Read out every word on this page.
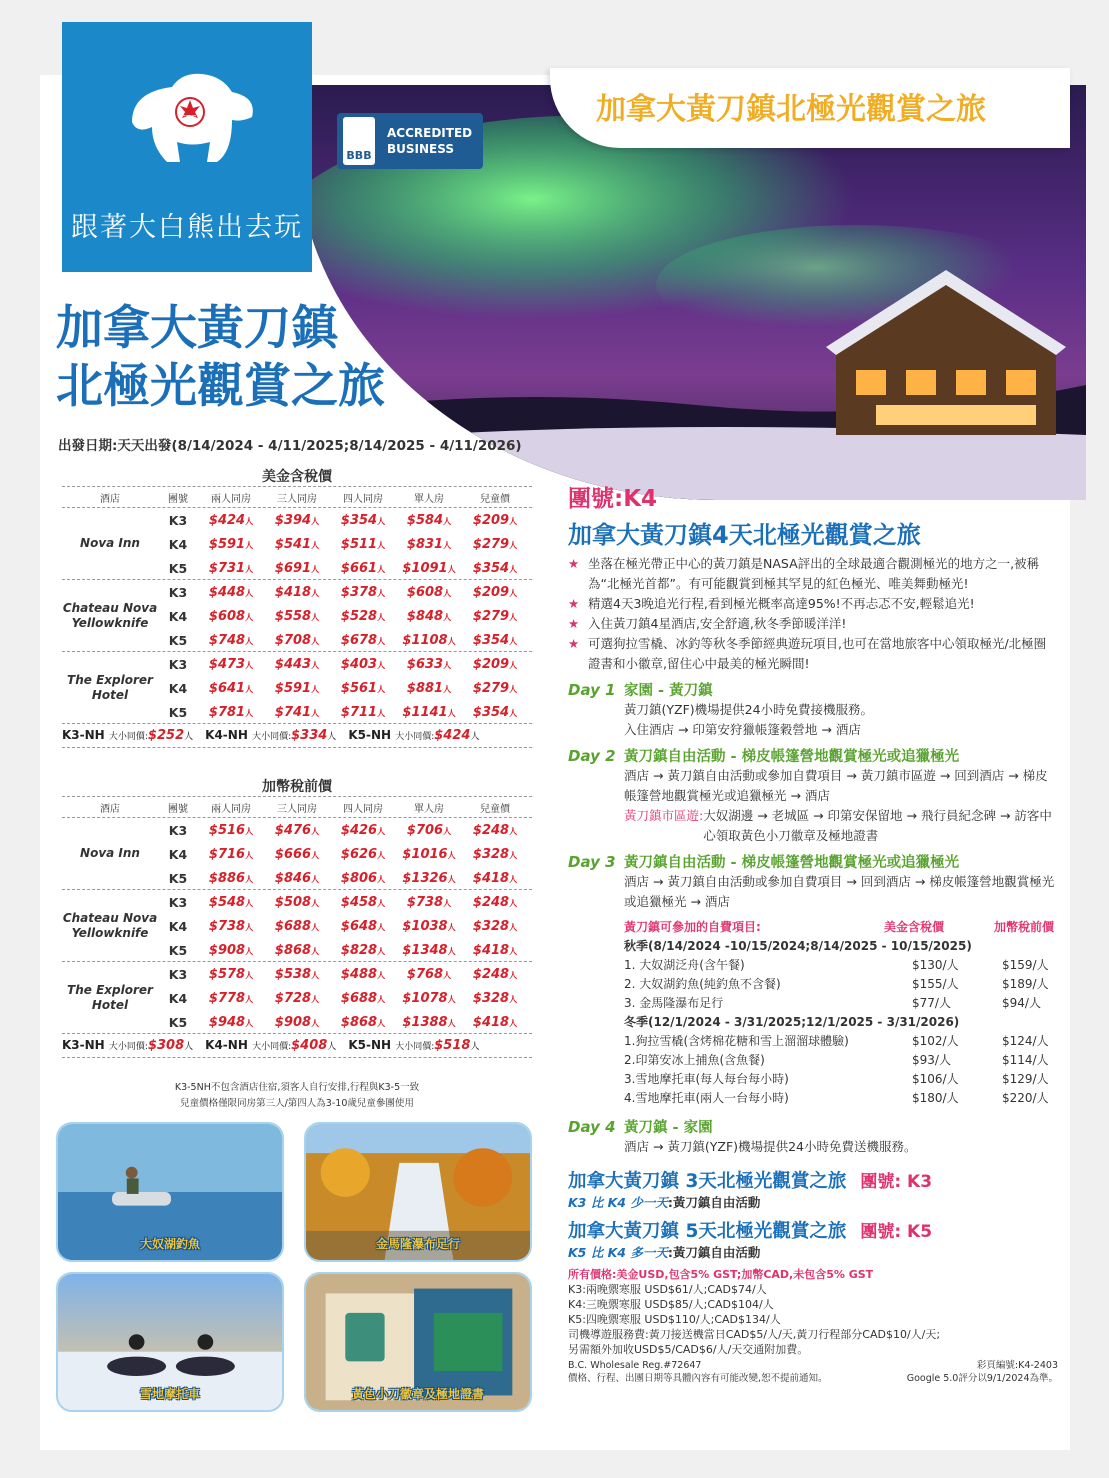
加拿大黃刀鎮北極光觀賞之旅
CTG
跟著大白熊出去玩
BBB
ACCREDITED
BUSINESS
加拿大黃刀鎮
北極光觀賞之旅
出發日期:天天出發(8/14/2024 - 4/11/2025;8/14/2025 - 4/11/2026)
美金含稅價
酒店	團號	兩人同房	三人同房	四人同房	單人房	兒童價
Nova Inn
K3	$424人	$394人	$354人	$584人	$209人
K4	$591人	$541人	$511人	$831人	$279人
K5	$731人	$691人	$661人	$1091人	$354人
Chateau Nova Yellowknife
K3	$448人	$418人	$378人	$608人	$209人
K4	$608人	$558人	$528人	$848人	$279人
K5	$748人	$708人	$678人	$1108人	$354人
The Explorer Hotel
K3	$473人	$443人	$403人	$633人	$209人
K4	$641人	$591人	$561人	$881人	$279人
K5	$781人	$741人	$711人	$1141人	$354人
K3-NH 大小同價:$252人 K4-NH 大小同價:$334人 K5-NH 大小同價:$424人
加幣稅前價
酒店	團號	兩人同房	三人同房	四人同房	單人房	兒童價
Nova Inn
K3	$516人	$476人	$426人	$706人	$248人
K4	$716人	$666人	$626人	$1016人	$328人
K5	$886人	$846人	$806人	$1326人	$418人
Chateau Nova Yellowknife
K3	$548人	$508人	$458人	$738人	$248人
K4	$738人	$688人	$648人	$1038人	$328人
K5	$908人	$868人	$828人	$1348人	$418人
The Explorer Hotel
K3	$578人	$538人	$488人	$768人	$248人
K4	$778人	$728人	$688人	$1078人	$328人
K5	$948人	$908人	$868人	$1388人	$418人
K3-NH 大小同價:$308人 K4-NH 大小同價:$408人 K5-NH 大小同價:$518人
K3-5NH不包含酒店住宿,須客人自行安排,行程與K3-5一致
兒童價格僅限同房第三人/第四人為3-10歲兒童參團使用
大奴湖釣魚	金馬隆瀑布足行
雪地摩托車	黃色小刀徽章及極地證書
團號:K4
加拿大黃刀鎮4天北極光觀賞之旅
★ 坐落在極光帶正中心的黃刀鎮是NASA評出的全球最適合觀測極光的地方之一,被稱為“北極光首都”。有可能觀賞到極其罕見的紅色極光、唯美舞動極光!
★ 精選4天3晚追光行程,看到極光概率高達95%!不再忐忑不安,輕鬆追光!
★ 入住黃刀鎮4星酒店,安全舒適,秋冬季節暖洋洋!
★ 可選狗拉雪橇、冰釣等秋冬季節經典遊玩項目,也可在當地旅客中心領取極光/北極圈證書和小徽章,留住心中最美的極光瞬間!
Day 1 家園 - 黃刀鎮
黃刀鎮(YZF)機場提供24小時免費接機服務。
入住酒店 → 印第安狩獵帳篷穀營地 → 酒店
Day 2 黃刀鎮自由活動 - 梯皮帳篷營地觀賞極光或追獵極光
酒店 → 黃刀鎮自由活動或參加自費項目 → 黃刀鎮市區遊 → 回到酒店 → 梯皮帳篷營地觀賞極光或追獵極光 → 酒店
黃刀鎮市區遊: 大奴湖邊 → 老城區 → 印第安保留地 → 飛行員紀念碑 → 訪客中心領取黃色小刀徽章及極地證書
Day 3 黃刀鎮自由活動 - 梯皮帳篷營地觀賞極光或追獵極光
酒店 → 黃刀鎮自由活動或參加自費項目 → 回到酒店 → 梯皮帳篷營地觀賞極光或追獵極光 → 酒店
黃刀鎮可參加的自費項目:	美金含稅價	加幣稅前價
秋季(8/14/2024 -10/15/2024;8/14/2025 - 10/15/2025)
1. 大奴湖泛舟(含午餐)	$130/人	$159/人
2. 大奴湖釣魚(純釣魚不含餐)	$155/人	$189/人
3. 金馬隆瀑布足行	$77/人	$94/人
冬季(12/1/2024 - 3/31/2025;12/1/2025 - 3/31/2026)
1.狗拉雪橇(含烤棉花糖和雪上溜溜球體驗)	$102/人	$124/人
2.印第安冰上捕魚(含魚餐)	$93/人	$114/人
3.雪地摩托車(每人每台每小時)	$106/人	$129/人
4.雪地摩托車(兩人一台每小時)	$180/人	$220/人
Day 4 黃刀鎮 - 家園
酒店 → 黃刀鎮(YZF)機場提供24小時免費送機服務。
加拿大黃刀鎮 3天北極光觀賞之旅 團號: K3
K3 比 K4 少一天:黃刀鎮自由活動
加拿大黃刀鎮 5天北極光觀賞之旅 團號: K5
K5 比 K4 多一天:黃刀鎮自由活動
所有價格:美金USD,包含5% GST;加幣CAD,未包含5% GST
K3:兩晚禦寒服 USD$61/人;CAD$74/人
K4:三晚禦寒服 USD$85/人;CAD$104/人
K5:四晚禦寒服 USD$110/人;CAD$134/人
司機導遊服務費:黃刀接送機當日CAD$5/人/天,黃刀行程部分CAD$10/人/天;
另需額外加收USD$5/CAD$6/人/天交通附加費。
B.C. Wholesale Reg.#72647
價格、行程、出團日期等具體內容有可能改變,恕不提前通知。
彩頁編號:K4-2403
Google 5.0評分以9/1/2024為準。
